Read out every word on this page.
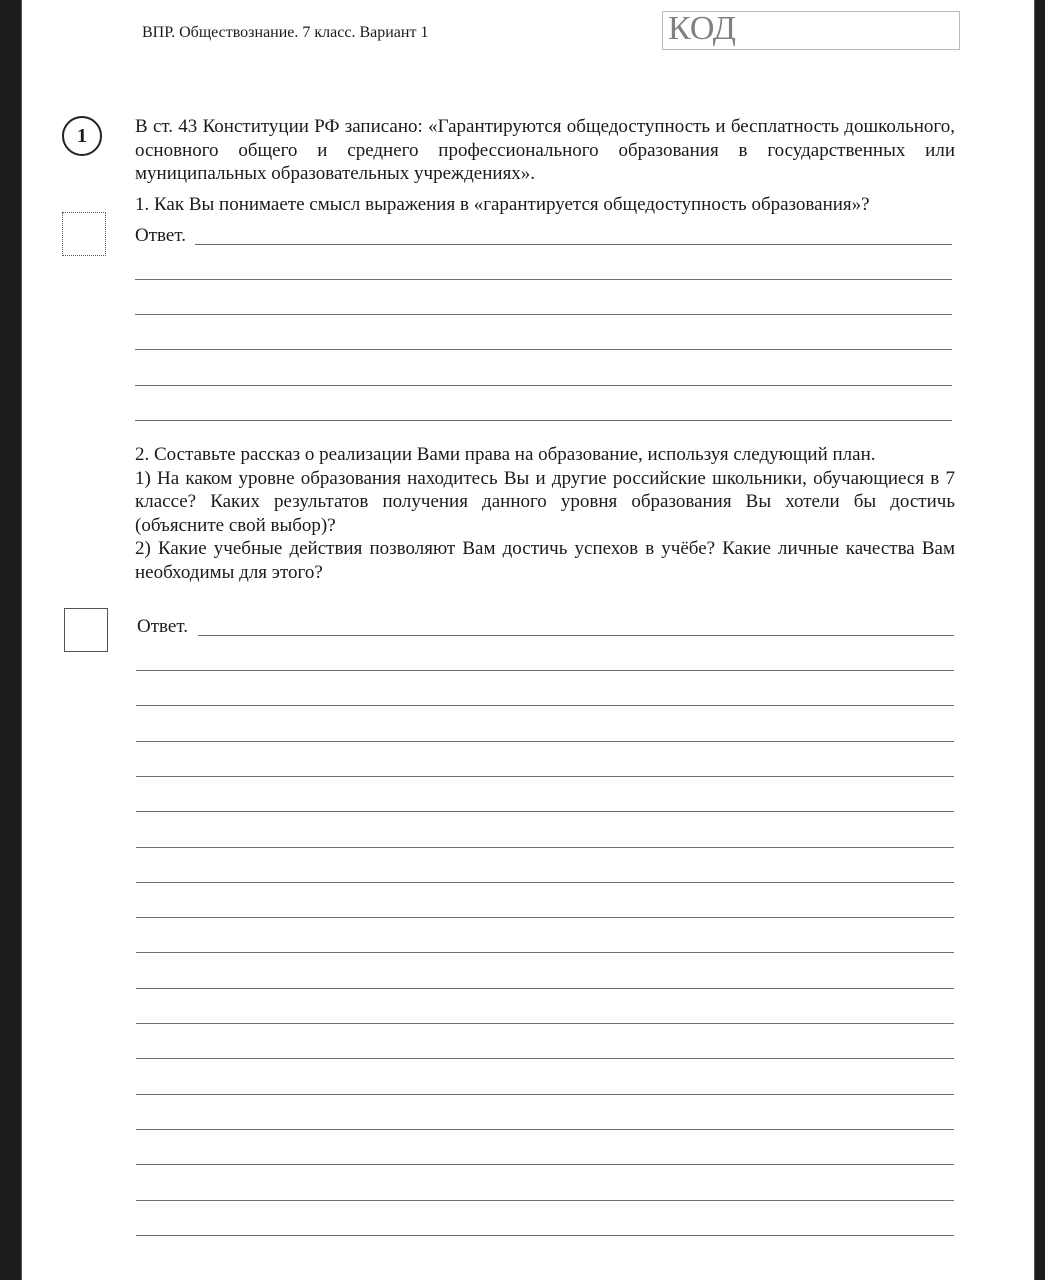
ВПР. Обществознание. 7 класс. Вариант 1	КОД
1	В ст. 43 Конституции РФ записано: «Гарантируются общедоступность и бесплатность дошкольного, основного общего и среднего профессионального образования в государственных или муниципальных образовательных учреждениях».
1. Как Вы понимаете смысл выражения в «гарантируется общедоступность образования»?
Ответ.
2. Составьте рассказ о реализации Вами права на образование, используя следующий план.
1) На каком уровне образования находитесь Вы и другие российские школьники, обучающиеся в 7 классе? Каких результатов получения данного уровня образования Вы хотели бы достичь (объясните свой выбор)?
2) Какие учебные действия позволяют Вам достичь успехов в учёбе? Какие личные качества Вам необходимы для этого?
Ответ.
